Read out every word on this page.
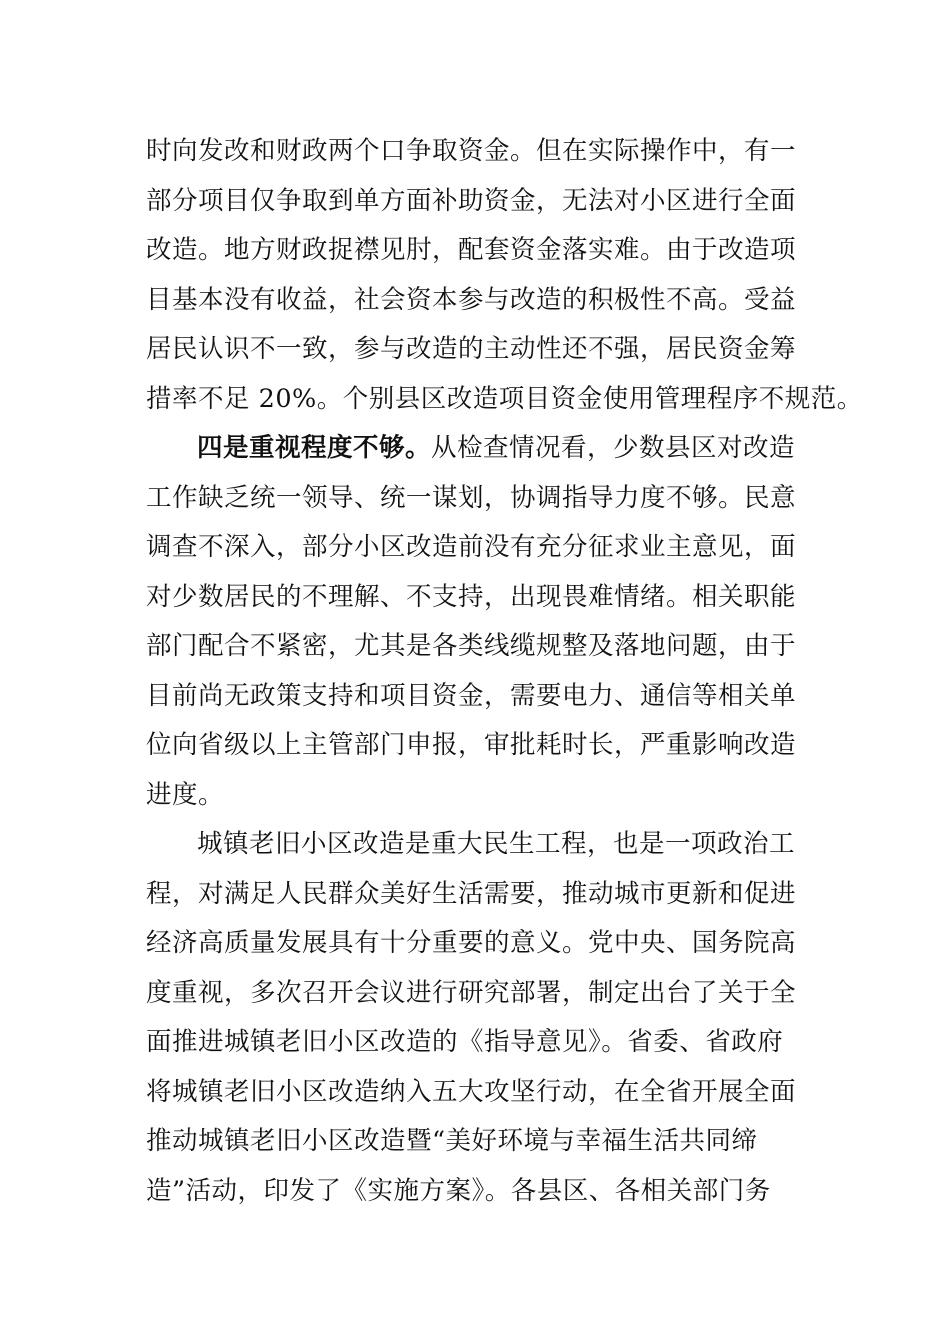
时向发改和财政两个口争取资金。但在实际操作中，有一
部分项目仅争取到单方面补助资金，无法对小区进行全面
改造。地方财政捉襟见肘，配套资金落实难。由于改造项
目基本没有收益，社会资本参与改造的积极性不高。受益
居民认识不一致，参与改造的主动性还不强，居民资金筹
措率不足 20%。个别县区改造项目资金使用管理程序不规范。
四是重视程度不够。从检查情况看，少数县区对改造
工作缺乏统一领导、统一谋划，协调指导力度不够。民意
调查不深入，部分小区改造前没有充分征求业主意见，面
对少数居民的不理解、不支持，出现畏难情绪。相关职能
部门配合不紧密，尤其是各类线缆规整及落地问题，由于
目前尚无政策支持和项目资金，需要电力、通信等相关单
位向省级以上主管部门申报，审批耗时长，严重影响改造
进度。
城镇老旧小区改造是重大民生工程，也是一项政治工
程，对满足人民群众美好生活需要，推动城市更新和促进
经济高质量发展具有十分重要的意义。党中央、国务院高
度重视，多次召开会议进行研究部署，制定出台了关于全
面推进城镇老旧小区改造的《指导意见》。省委、省政府
将城镇老旧小区改造纳入五大攻坚行动，在全省开展全面
推动城镇老旧小区改造暨“美好环境与幸福生活共同缔
造”活动，印发了《实施方案》。各县区、各相关部门务
